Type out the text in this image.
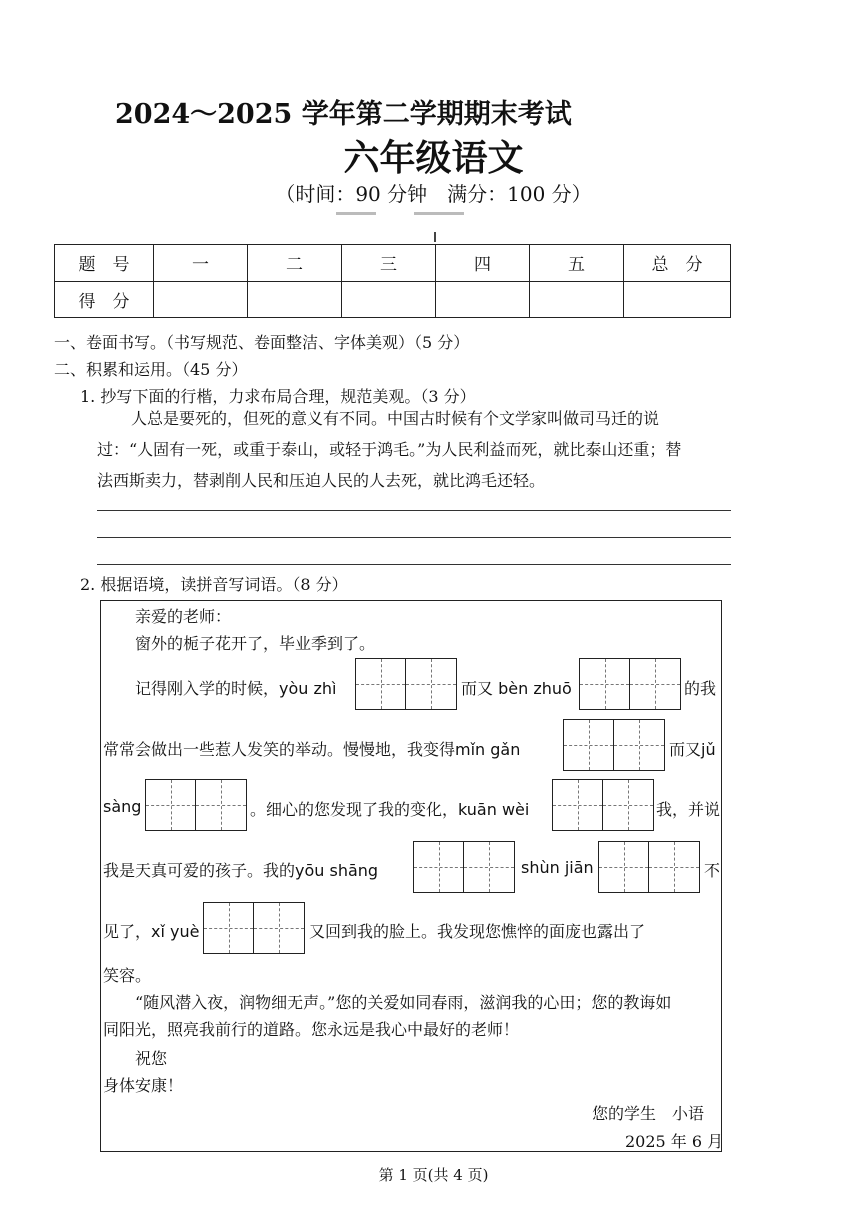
2024～2025 学年第二学期期末考试
六年级语文
（时间：90 分钟　满分：100 分）
题　号	一	二	三	四	五	总　分
得　分						
一、卷面书写。（书写规范、卷面整洁、字体美观）（5 分）
二、积累和运用。（45 分）
1. 抄写下面的行楷，力求布局合理，规范美观。（3 分）
人总是要死的，但死的意义有不同。中国古时候有个文学家叫做司马迁的说
过：“人固有一死，或重于泰山，或轻于鸿毛。”为人民利益而死，就比泰山还重；替
法西斯卖力，替剥削人民和压迫人民的人去死，就比鸿毛还轻。
2. 根据语境，读拼音写词语。（8 分）
亲爱的老师：
窗外的栀子花开了，毕业季到了。
记得刚入学的时候，yòu zhì	而又 bèn zhuō	的我
常常会做出一些惹人发笑的举动。慢慢地，我变得mǐn gǎn	而又jǔ
sàng	。细心的您发现了我的变化，kuān wèi	我，并说
我是天真可爱的孩子。我的yōu shāng	shùn jiān	不
见了，xǐ yuè	又回到我的脸上。我发现您憔悴的面庞也露出了
笑容。
“随风潜入夜，润物细无声。”您的关爱如同春雨，滋润我的心田；您的教诲如
同阳光，照亮我前行的道路。您永远是我心中最好的老师！
祝您
身体安康！
您的学生　小语
2025 年 6 月
第 1 页(共 4 页)
